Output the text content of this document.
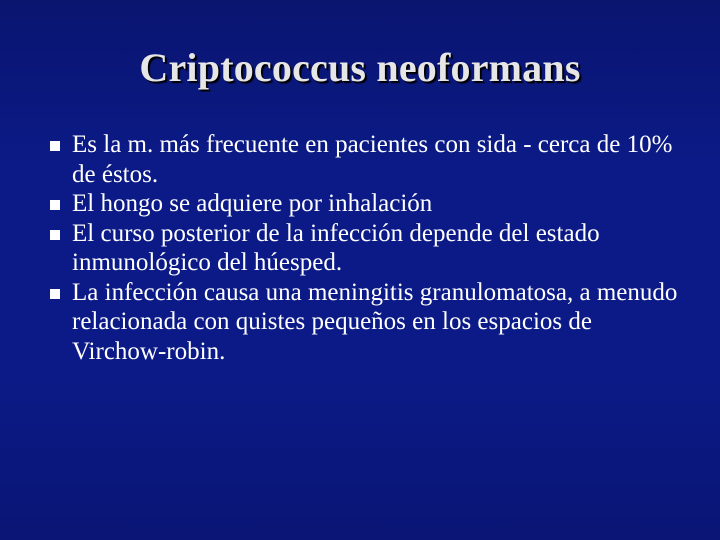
Criptococcus neoformans
Es la m. más frecuente en pacientes con sida - cerca de 10% de éstos.
El hongo se adquiere por inhalación
El curso posterior de la infección depende del estado inmunológico del húesped.
La infección causa una meningitis granulomatosa, a menudo relacionada con quistes pequeños en los espacios de Virchow-robin.
